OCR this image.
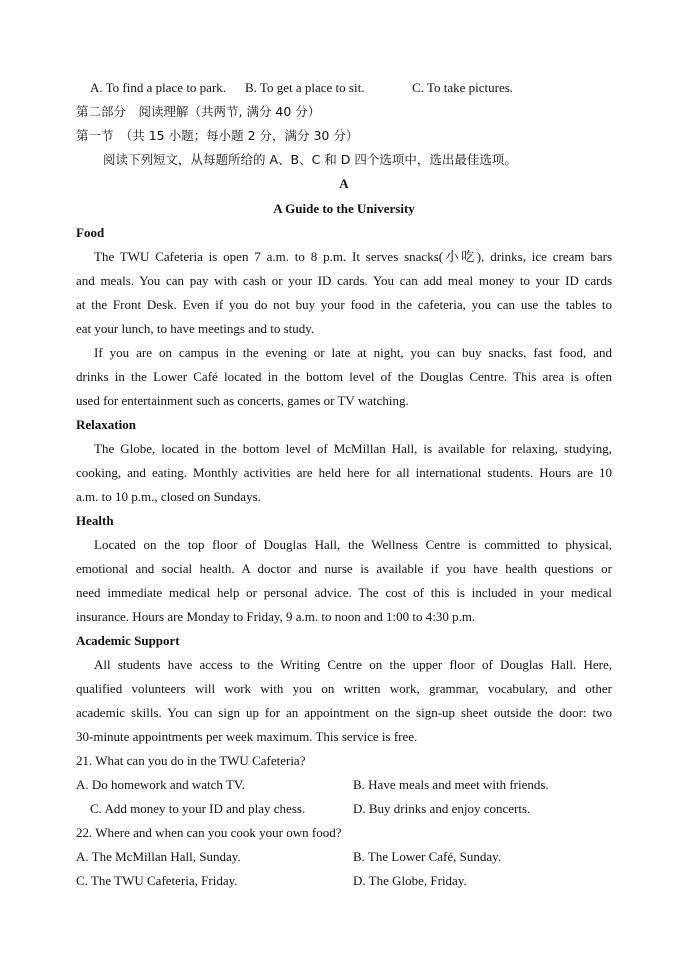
A. To find a place to park. B. To get a place to sit.	C. To take pictures.
第二部分　阅读理解（共两节, 满分 40 分）
第一节　（共 15 小题；每小题 2 分，满分 30 分）
阅读下列短文，从每题所给的 A、B、C 和 D 四个选项中，选出最佳选项。
A
A Guide to the University
Food
The TWU Cafeteria is open 7 a.m. to 8 p.m. It serves snacks(小吃), drinks, ice cream bars
and meals. You can pay with cash or your ID cards. You can add meal money to your ID cards
at the Front Desk. Even if you do not buy your food in the cafeteria, you can use the tables to
eat your lunch, to have meetings and to study.
If you are on campus in the evening or late at night, you can buy snacks, fast food, and
drinks in the Lower Café located in the bottom level of the Douglas Centre. This area is often
used for entertainment such as concerts, games or TV watching.
Relaxation
The Globe, located in the bottom level of McMillan Hall, is available for relaxing, studying,
cooking, and eating. Monthly activities are held here for all international students. Hours are 10
a.m. to 10 p.m., closed on Sundays.
Health
Located on the top floor of Douglas Hall, the Wellness Centre is committed to physical,
emotional and social health. A doctor and nurse is available if you have health questions or
need immediate medical help or personal advice. The cost of this is included in your medical
insurance. Hours are Monday to Friday, 9 a.m. to noon and 1:00 to 4:30 p.m.
Academic Support
All students have access to the Writing Centre on the upper floor of Douglas Hall. Here,
qualified volunteers will work with you on written work, grammar, vocabulary, and other
academic skills. You can sign up for an appointment on the sign-up sheet outside the door: two
30-minute appointments per week maximum. This service is free.
21. What can you do in the TWU Cafeteria?
A. Do homework and watch TV.	B. Have meals and meet with friends.
C. Add money to your ID and play chess.	D. Buy drinks and enjoy concerts.
22. Where and when can you cook your own food?
A. The McMillan Hall, Sunday.	B. The Lower Café, Sunday.
C. The TWU Cafeteria, Friday.	D. The Globe, Friday.
